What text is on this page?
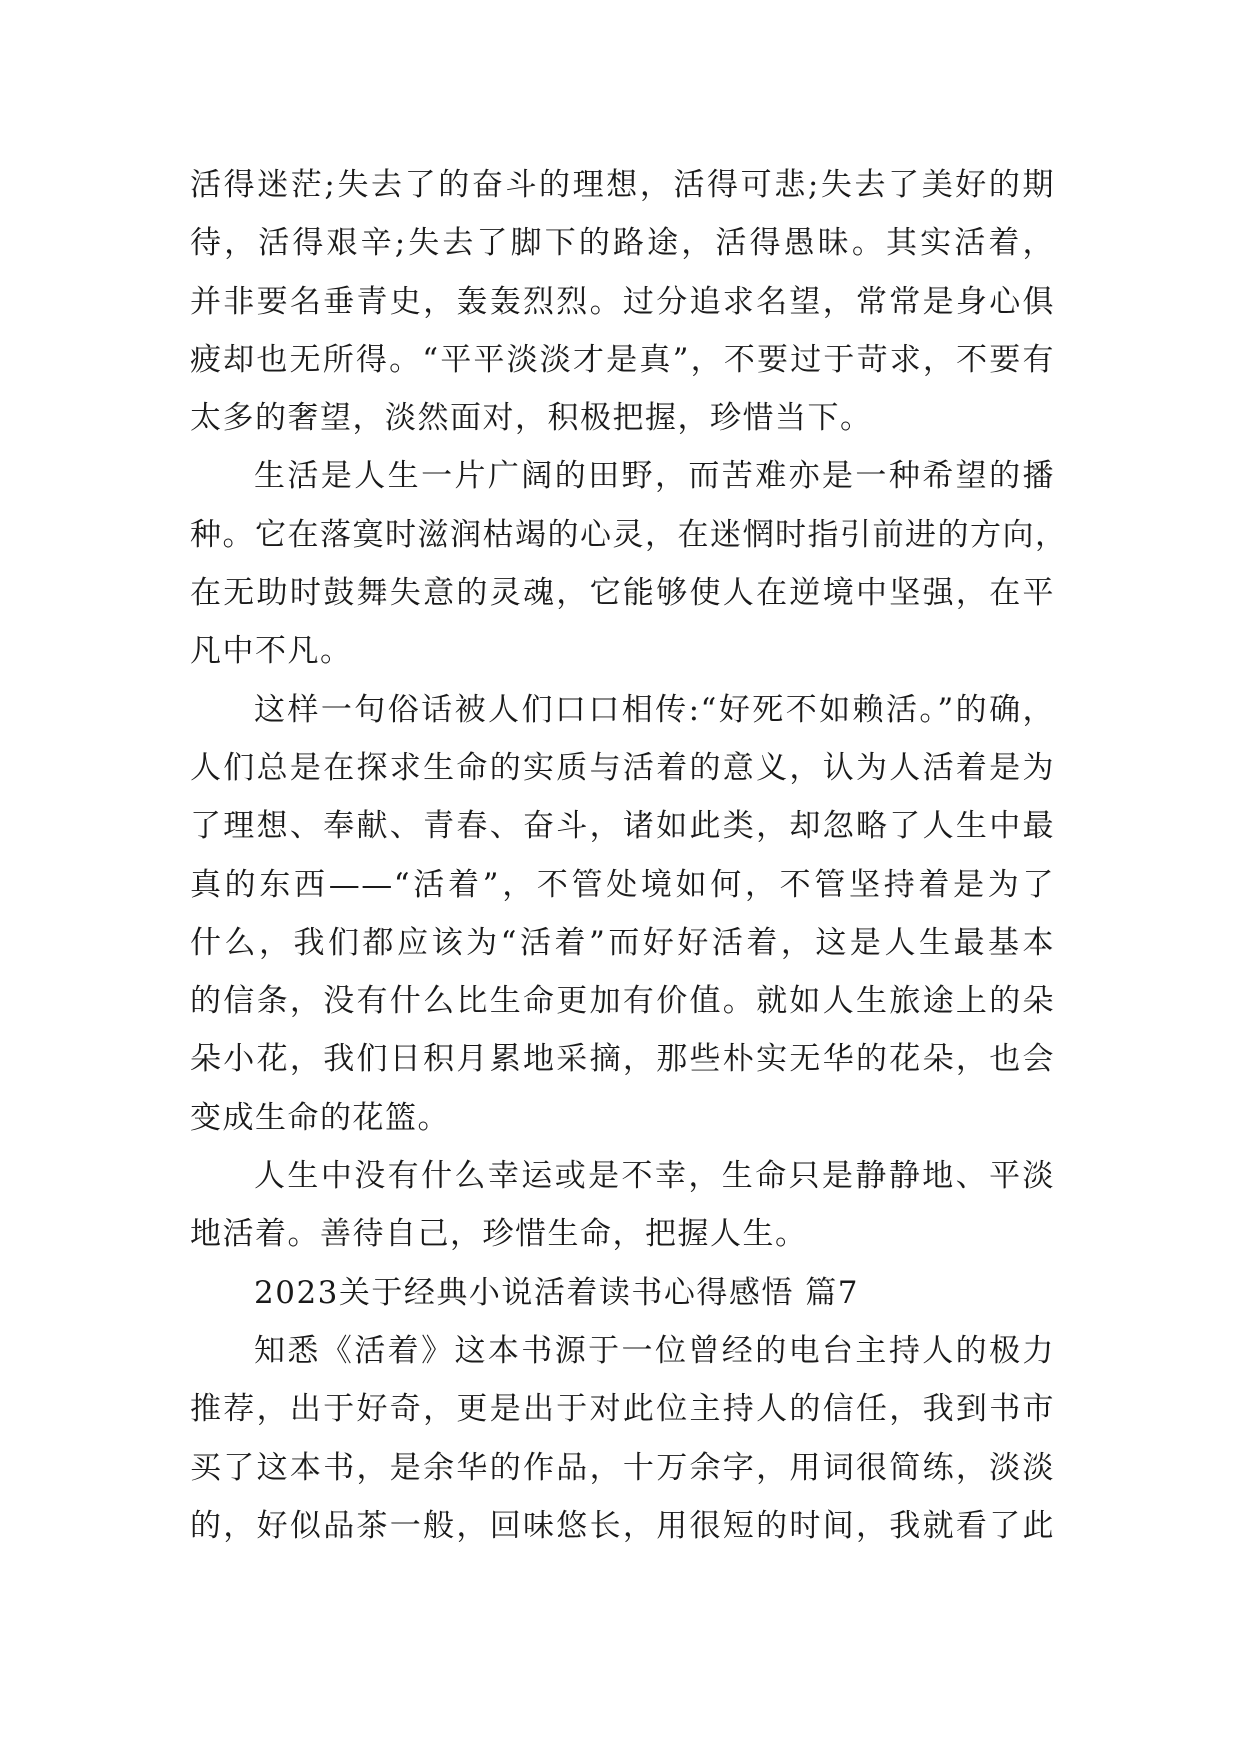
活得迷茫;失去了的奋斗的理想，活得可悲;失去了美好的期
待，活得艰辛;失去了脚下的路途，活得愚昧。其实活着，
并非要名垂青史，轰轰烈烈。过分追求名望，常常是身心俱
疲却也无所得。“平平淡淡才是真”，不要过于苛求，不要有
太多的奢望，淡然面对，积极把握，珍惜当下。
生活是人生一片广阔的田野，而苦难亦是一种希望的播
种。它在落寞时滋润枯竭的心灵，在迷惘时指引前进的方向，
在无助时鼓舞失意的灵魂，它能够使人在逆境中坚强，在平
凡中不凡。
这样一句俗话被人们口口相传:“好死不如赖活。”的确，
人们总是在探求生命的实质与活着的意义，认为人活着是为
了理想、奉献、青春、奋斗，诸如此类，却忽略了人生中最
真的东西——“活着”，不管处境如何，不管坚持着是为了
什么，我们都应该为“活着”而好好活着，这是人生最基本
的信条，没有什么比生命更加有价值。就如人生旅途上的朵
朵小花，我们日积月累地采摘，那些朴实无华的花朵，也会
变成生命的花篮。
人生中没有什么幸运或是不幸，生命只是静静地、平淡
地活着。善待自己，珍惜生命，把握人生。
2023关于经典小说活着读书心得感悟 篇7
知悉《活着》这本书源于一位曾经的电台主持人的极力
推荐，出于好奇，更是出于对此位主持人的信任，我到书市
买了这本书，是余华的作品，十万余字，用词很简练，淡淡
的，好似品茶一般，回味悠长，用很短的时间，我就看了此
